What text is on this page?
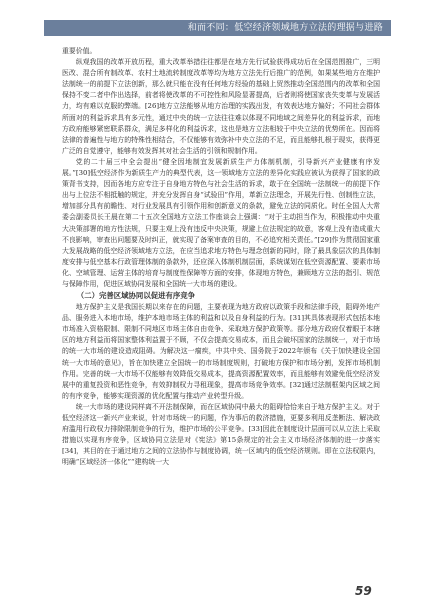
和而不同：低空经济领域地方立法的理据与进路

重要价值。

纵观我国的改革开放历程，重大改革举措往往都是在地方先行试验获得成功后在全国范围推广，三明医改、混合所有制改革、农村土地流转制度改革等均为地方立法先行后推广的范例，如果某些地方在维护法制统一的前提下立法创新，那么就只能在没有任何地方经验的基础上贸然推动全国范围内的改革和全国保持不变二者中作出选择，前者将使改革的不可控性和风险显著提高，后者则将使国家丧失变革与发展活力，均有难以克服的弊端。[26]地方立法能够从地方治理的实践出发，有效表达地方偏好；不同社会群体所面对的利益诉求具有多元性，通过中央的统一立法往往难以体现不同地域之间差异化的利益诉求，而地方政府能够紧密联系群众，满足多样化的利益诉求，这也是地方立法相较于中央立法的优势所在。因而将法律的普遍性与地方的特殊性相结合，不仅能够有效弥补中央立法的不足，而且能够扎根于现实，获得更广泛的自觉遵守，能够有效发挥其对社会生活的引领和规制作用。

党的二十届三中全会提出“健全因地制宜发展新质生产力体制机制，引导新兴产业健康有序发展。”[30]低空经济作为新质生产力的典型代表，这一领域地方立法的差异化实践应被认为获得了国家的政策背书支持，因而各地方应专注于自身地方特色与社会生活的诉求，敢于在全国统一法制统一的前提下作出与上位法不相抵触的规定，并充分发挥自身“试验田”作用，革新立法理念，开展先行性、创制性立法，增加部分具有前瞻性、对行业发展具有引领作用和创新意义的条款，避免立法的同质化。时任全国人大常委会副委员长王晨在第二十五次全国地方立法工作座谈会上强调：“对于主动担当作为，积极推动中央重大决策部署的地方性法规，只要主观上没有违反中央决策，规避上位法规定的故意，客观上没有造成重大不良影响，审查出问题要及时纠正，就实现了备案审查的目的，不必追究相关责任。”[29]作为贯彻国家重大发展战略的低空经济领域地方立法，在应当追求地方特色与理念创新的同时，除了最具象层次的具体制度安排与低空基本行政管理体制的条款外，还应深入体制机制层面，系统谋划在低空资源配置、要素市场化、空域管理、运营主体的培育与制度性保障等方面的安排，体现地方特色，兼顾地方立法的指引、规范与保障作用，促进区域协同发展和全国统一大市场的建设。

（二）完善区域协同以促进有序竞争

地方保护主义是我国长期以来存在的问题，主要表现为地方政府以政策手段和法律手段，阻碍外地产品、服务进入本地市场，维护本地市场主体的利益和以及自身利益的行为。[31]其具体表现形式包括本地市场准入资格限制、限制不同地区市场主体自由竞争、采取地方保护政策等。部分地方政府仅着眼于本辖区的地方利益而将国家整体利益置于不顾，不仅会提高交易成本，而且会破坏国家的法制统一，对于市场的统一大市场的建设造成阻碍。为解决这一痼疾，中共中央、国务院于2022年颁布《关于加快建设全国统一大市场的意见》，旨在加快建立全国统一的市场制度规则，打破地方保护和市场分割，发挥市场机制作用。完善的统一大市场不仅能够有效降低交易成本，提高资源配置效率，而且能够有效避免低空经济发展中的重复投资和恶性竞争，有效抑制权力寻租现象，提高市场竞争效率。[32]通过法制框架内区域之间的有序竞争，能够实现资源的优化配置与推动产业转型升级。

统一大市场的建设同样离不开法制保障，而在区域协同中最大的阻碍恰恰来自于地方保护主义。对于低空经济这一新兴产业来说，针对市场统一的问题，作为事后的救济措施，更要多利用反垄断法、解决政府滥用行政权力排除限制竞争的行为，维护市场的公平竞争。[33]因此在制度设计层面可以从立法上采取措施以实现有序竞争，区域协同立法是对《宪法》第15条规定的社会主义市场经济体制的进一步落实[34]，其目的在于通过地方之间的立法协作与制度协调，统一区域内的低空经济规则。即在立法权限内，明确“区域经济一体化”“建构统一大

59
